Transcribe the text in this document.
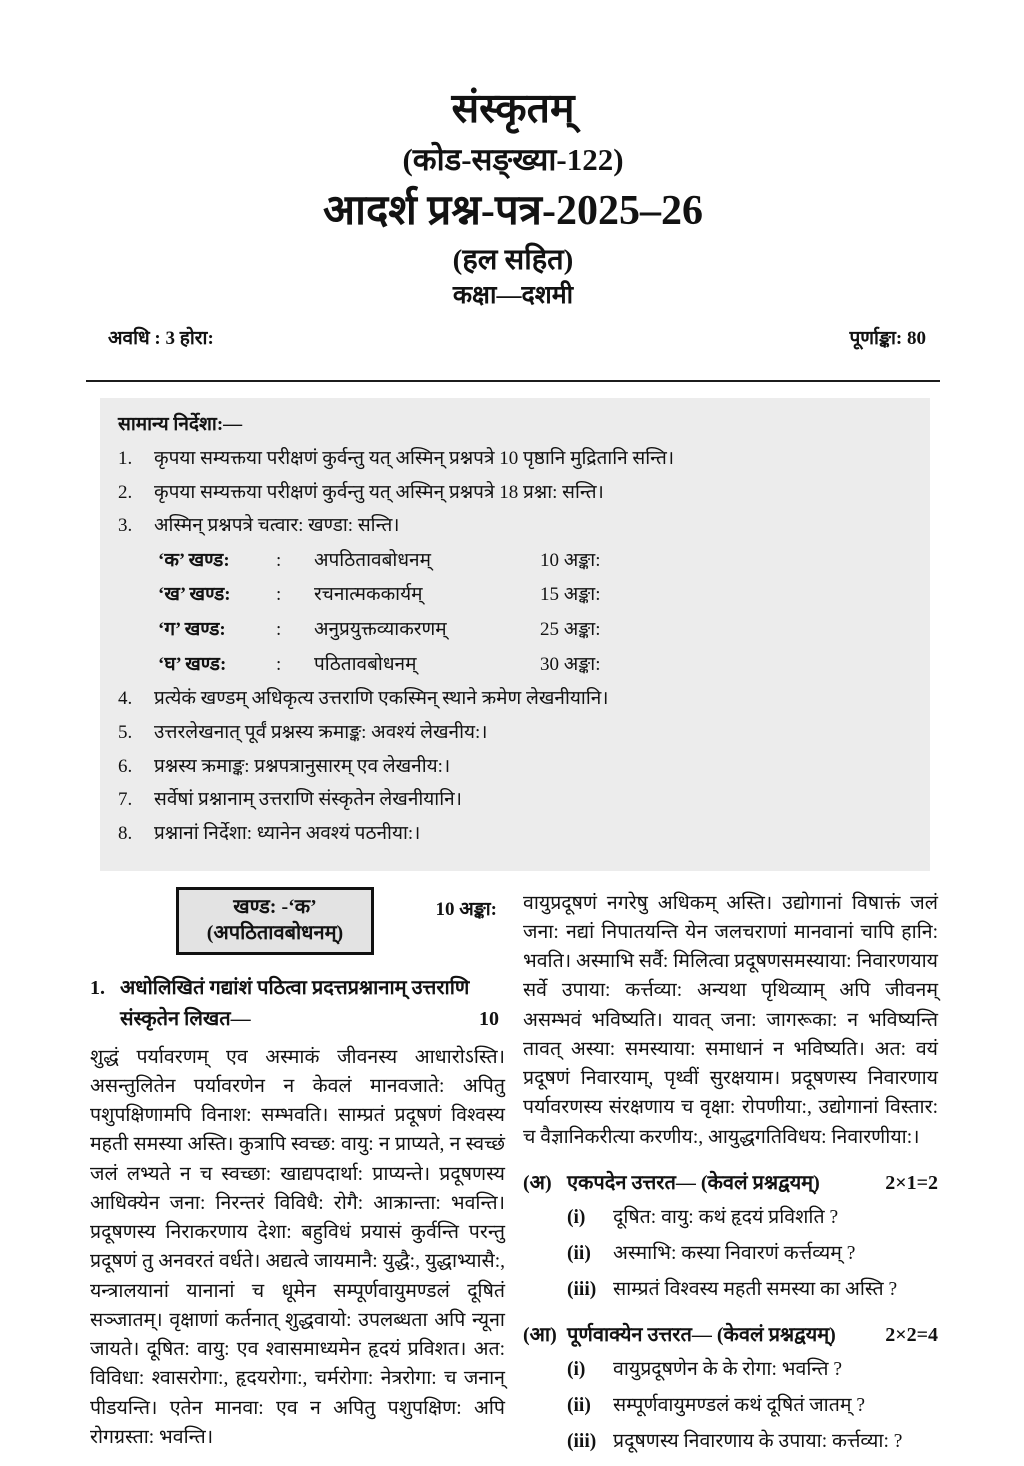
संस्कृतम्
(कोड-सङ्ख्या-122)
आदर्श प्रश्न-पत्र-2025–26
(हल सहित)
कक्षा—दशमी
अवधि : 3 होरा:	पूर्णाङ्का: 80
सामान्य निर्देशा:—
1.	कृपया सम्यक्तया परीक्षणं कुर्वन्तु यत् अस्मिन् प्रश्नपत्रे 10 पृष्ठानि मुद्रितानि सन्ति।
2.	कृपया सम्यक्तया परीक्षणं कुर्वन्तु यत् अस्मिन् प्रश्नपत्रे 18 प्रश्ना: सन्ति।
3.	अस्मिन् प्रश्नपत्रे चत्वार: खण्डा: सन्ति।
‘क’ खण्ड:	:	अपठितावबोधनम्	10 अङ्का:
‘ख’ खण्ड:	:	रचनात्मककार्यम्	15 अङ्का:
‘ग’ खण्ड:	:	अनुप्रयुक्तव्याकरणम्	25 अङ्का:
‘घ’ खण्ड:	:	पठितावबोधनम्	30 अङ्का:
4.	प्रत्येकं खण्डम् अधिकृत्य उत्तराणि एकस्मिन् स्थाने क्रमेण लेखनीयानि।
5.	उत्तरलेखनात् पूर्वं प्रश्नस्य क्रमाङ्क: अवश्यं लेखनीय:।
6.	प्रश्नस्य क्रमाङ्क: प्रश्नपत्रानुसारम् एव लेखनीय:।
7.	सर्वेषां प्रश्नानाम् उत्तराणि संस्कृतेन लेखनीयानि।
8.	प्रश्नानां निर्देशा: ध्यानेन अवश्यं पठनीया:।
खण्ड: -‘क’
(अपठितावबोधनम्)
10 अङ्का:
1. अधोलिखितं गद्यांशं पठित्वा प्रदत्तप्रश्नानाम् उत्तराणि संस्कृतेन लिखत—	10

शुद्धं पर्यावरणम् एव अस्माकं जीवनस्य आधारोऽस्ति। असन्तुलितेन पर्यावरणेन न केवलं मानवजाते: अपितु पशुपक्षिणामपि विनाश: सम्भवति। साम्प्रतं प्रदूषणं विश्वस्य महती समस्या अस्ति। कुत्रापि स्वच्छ: वायु: न प्राप्यते, न स्वच्छं जलं लभ्यते न च स्वच्छा: खाद्यपदार्था: प्राप्यन्ते। प्रदूषणस्य आधिक्येन जना: निरन्तरं विविधै: रोगै: आक्रान्ता: भवन्ति। प्रदूषणस्य निराकरणाय देशा: बहुविधं प्रयासं कुर्वन्ति परन्तु प्रदूषणं तु अनवरतं वर्धते। अद्यत्वे जायमानै: युद्धै:, युद्धाभ्यासै:, यन्त्रालयानां यानानां च धूमेन सम्पूर्णवायुमण्डलं दूषितं सञ्जातम्। वृक्षाणां कर्तनात् शुद्धवायो: उपलब्धता अपि न्यूना जायते। दूषित: वायु: एव श्वासमाध्यमेन हृदयं प्रविशत। अत: विविधा: श्वासरोगा:, हृदयरोगा:, चर्मरोगा: नेत्ररोगा: च जनान् पीडयन्ति। एतेन मानवा: एव न अपितु पशुपक्षिण: अपि रोगग्रस्ता: भवन्ति।

वायुप्रदूषणं नगरेषु अधिकम् अस्ति। उद्योगानां विषाक्तं जलं जना: नद्यां निपातयन्ति येन जलचराणां मानवानां चापि हानि: भवति। अस्माभि सर्वै: मिलित्वा प्रदूषणसमस्याया: निवारणयाय सर्वे उपाया: कर्त्तव्या: अन्यथा पृथिव्याम् अपि जीवनम् असम्भवं भविष्यति। यावत् जना: जागरूका: न भविष्यन्ति तावत् अस्या: समस्याया: समाधानं न भविष्यति। अत: वयं प्रदूषणं निवारयाम्, पृथ्वीं सुरक्षयाम। प्रदूषणस्य निवारणाय पर्यावरणस्य संरक्षणाय च वृक्षा: रोपणीया:, उद्योगानां विस्तार: च वैज्ञानिकरीत्या करणीय:, आयुद्धगतिविधय: निवारणीया:।

(अ) एकपदेन उत्तरत— (केवलं प्रश्नद्वयम्)	2×1=2
(i)	दूषित: वायु: कथं हृदयं प्रविशति ?
(ii)	अस्माभि: कस्या निवारणं कर्त्तव्यम् ?
(iii) साम्प्रतं विश्वस्य महती समस्या का अस्ति ?
(आ) पूर्णवाक्येन उत्तरत— (केवलं प्रश्नद्वयम्)	2×2=4
(i)	वायुप्रदूषणेन के के रोगा: भवन्ति ?
(ii)	सम्पूर्णवायुमण्डलं कथं दूषितं जातम् ?
(iii) प्रदूषणस्य निवारणाय के उपाया: कर्त्तव्या: ?
